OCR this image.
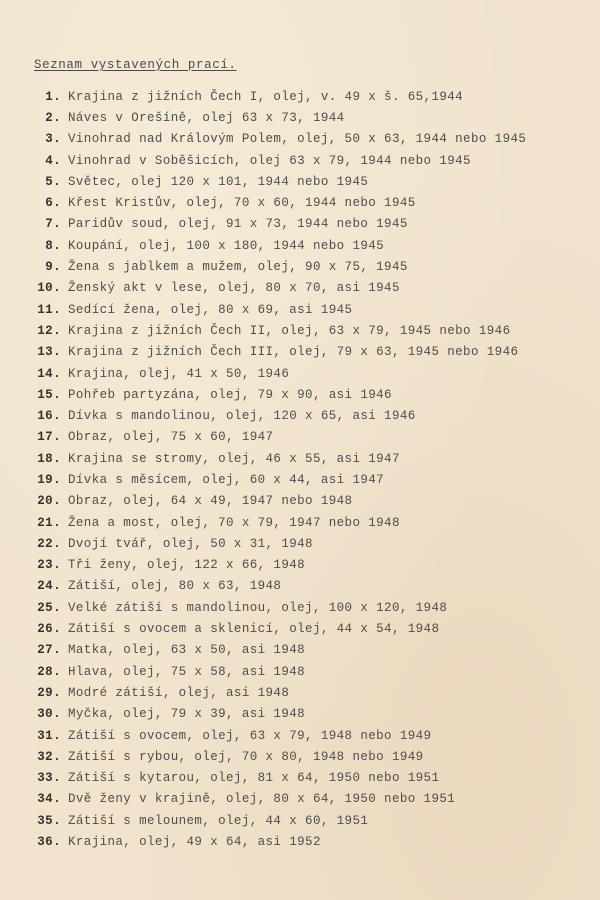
Seznam vystavených prací.
1. Krajina z jižních Čech I, olej, v. 49 x š. 65,1944
2. Náves v Orešíně, olej 63 x 73, 1944
3. Vinohrad nad Královým Polem, olej, 50 x 63, 1944 nebo 1945
4. Vinohrad v Soběšicích, olej 63 x 79, 1944 nebo 1945
5. Světec, olej 120 x 101, 1944 nebo 1945
6. Křest Kristův, olej, 70 x 60, 1944 nebo 1945
7. Paridův soud, olej, 91 x 73, 1944 nebo 1945
8. Koupání, olej, 100 x 180, 1944 nebo 1945
9. Žena s jablkem a mužem, olej, 90 x 75, 1945
10. Ženský akt v lese, olej, 80 x 70, asi 1945
11. Sedící žena, olej, 80 x 69, asi 1945
12. Krajina z jižních Čech II, olej, 63 x 79, 1945 nebo 1946
13. Krajina z jižních Čech III, olej, 79 x 63, 1945 nebo 1946
14. Krajina, olej, 41 x 50, 1946
15. Pohřeb partyzána, olej, 79 x 90, asi 1946
16. Dívka s mandolinou, olej, 120 x 65, asi 1946
17. Obraz, olej, 75 x 60, 1947
18. Krajina se stromy, olej, 46 x 55, asi 1947
19. Dívka s měsícem, olej, 60 x 44, asi 1947
20. Obraz, olej, 64 x 49, 1947 nebo 1948
21. Žena a most, olej, 70 x 79, 1947 nebo 1948
22. Dvojí tvář, olej, 50 x 31, 1948
23. Tři ženy, olej, 122 x 66, 1948
24. Zátiší, olej, 80 x 63, 1948
25. Velké zátiší s mandolinou, olej, 100 x 120, 1948
26. Zátiší s ovocem a sklenicí, olej, 44 x 54, 1948
27. Matka, olej, 63 x 50, asi 1948
28. Hlava, olej, 75 x 58, asi 1948
29. Modré zátiší, olej, asi 1948
30. Myčka, olej, 79 x 39, asi 1948
31. Zátiší s ovocem, olej, 63 x 79, 1948 nebo 1949
32. Zátiší s rybou, olej, 70 x 80, 1948 nebo 1949
33. Zátiší s kytarou, olej, 81 x 64, 1950 nebo 1951
34. Dvě ženy v krajině, olej, 80 x 64, 1950 nebo 1951
35. Zátiší s melounem, olej, 44 x 60, 1951
36. Krajina, olej, 49 x 64, asi 1952
